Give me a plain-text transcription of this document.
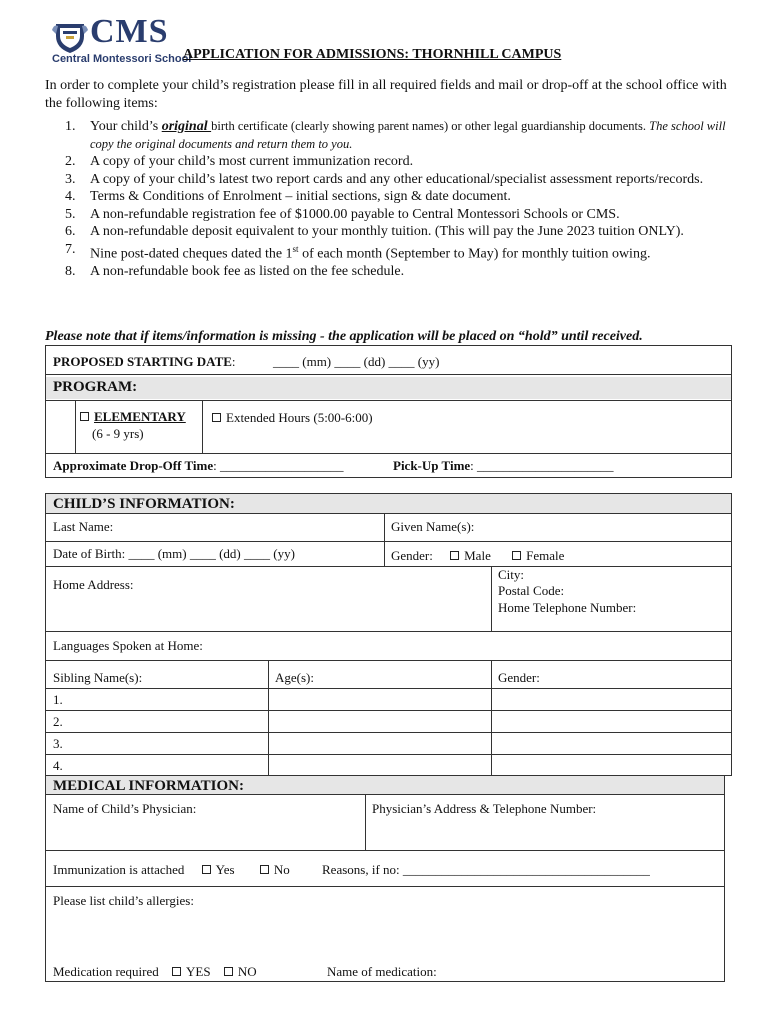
CMS
Central Montessori School
APPLICATION FOR ADMISSIONS: THORNHILL CAMPUS
In order to complete your child’s registration please fill in all required fields and mail or drop-off at the school office with the following items:
1. Your child’s original birth certificate (clearly showing parent names) or other legal guardianship documents. The school will copy the original documents and return them to you.
2. A copy of your child’s most current immunization record.
3. A copy of your child’s latest two report cards and any other educational/specialist assessment reports/records.
4. Terms & Conditions of Enrolment – initial sections, sign & date document.
5. A non-refundable registration fee of $1000.00 payable to Central Montessori Schools or CMS.
6. A non-refundable deposit equivalent to your monthly tuition. (This will pay the June 2023 tuition ONLY).
7. Nine post-dated cheques dated the 1st of each month (September to May) for monthly tuition owing.
8. A non-refundable book fee as listed on the fee schedule.
Please note that if items/information is missing - the application will be placed on “hold” until received.
PROGRAM:
PROPOSED STARTING DATE:	____ (mm) ____ (dd) ____ (yy)
ELEMENTARY
(6 - 9 yrs)
Extended Hours (5:00-6:00)
Approximate Drop-Off Time: ___________________	Pick-Up Time: _____________________
CHILD’S INFORMATION:
Last Name:	Given Name(s):
Date of Birth: ____ (mm) ____ (dd) ____ (yy)	Gender: Male	Female
Home Address:
City:
Postal Code:
Home Telephone Number:
Languages Spoken at Home:
Sibling Name(s):	Age(s):	Gender:
1.
2.
3.
4.
MEDICAL INFORMATION:
Name of Child’s Physician:	Physician’s Address & Telephone Number:
Immunization is attached Yes	No Reasons, if no: ______________________________________
Please list child’s allergies:
Medication required YES NO	Name of medication:
